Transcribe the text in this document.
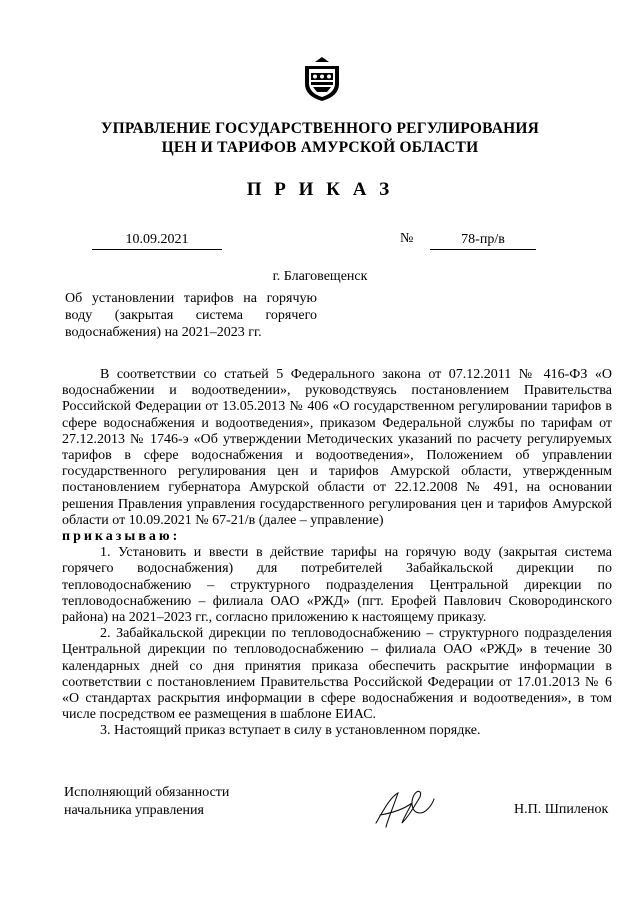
УПРАВЛЕНИЕ ГОСУДАРСТВЕННОГО РЕГУЛИРОВАНИЯ
ЦЕН И ТАРИФОВ АМУРСКОЙ ОБЛАСТИ
П Р И К А З
10.09.2021	№	78-пр/в
г. Благовещенск
Об установлении тарифов на горячую воду (закрытая система горячего водоснабжения) на 2021–2023 гг.

В соответствии со статьей 5 Федерального закона от 07.12.2011 № 416-ФЗ «О водоснабжении и водоотведении», руководствуясь постановлением Правительства Российской Федерации от 13.05.2013 № 406 «О государственном регулировании тарифов в сфере водоснабжения и водоотведения», приказом Федеральной службы по тарифам от 27.12.2013 № 1746-э «Об утверждении Методических указаний по расчету регулируемых тарифов в сфере водоснабжения и водоотведения», Положением об управлении государственного регулирования цен и тарифов Амурской области, утвержденным постановлением губернатора Амурской области от 22.12.2008 № 491, на основании решения Правления управления государственного регулирования цен и тарифов Амурской области от 10.09.2021 № 67-21/в (далее – управление)

приказываю:

1. Установить и ввести в действие тарифы на горячую воду (закрытая система горячего водоснабжения) для потребителей Забайкальской дирекции по тепловодоснабжению – структурного подразделения Центральной дирекции по тепловодоснабжению – филиала ОАО «РЖД» (пгт. Ерофей Павлович Сковородинского района) на 2021–2023 гг., согласно приложению к настоящему приказу.

2. Забайкальской дирекции по тепловодоснабжению – структурного подразделения Центральной дирекции по тепловодоснабжению – филиала ОАО «РЖД» в течение 30 календарных дней со дня принятия приказа обеспечить раскрытие информации в соответствии с постановлением Правительства Российской Федерации от 17.01.2013 № 6 «О стандартах раскрытия информации в сфере водоснабжения и водоотведения», в том числе посредством ее размещения в шаблоне ЕИАС.

3. Настоящий приказ вступает в силу в установленном порядке.

Исполняющий обязанности
начальника управления	Н.П. Шпиленок
